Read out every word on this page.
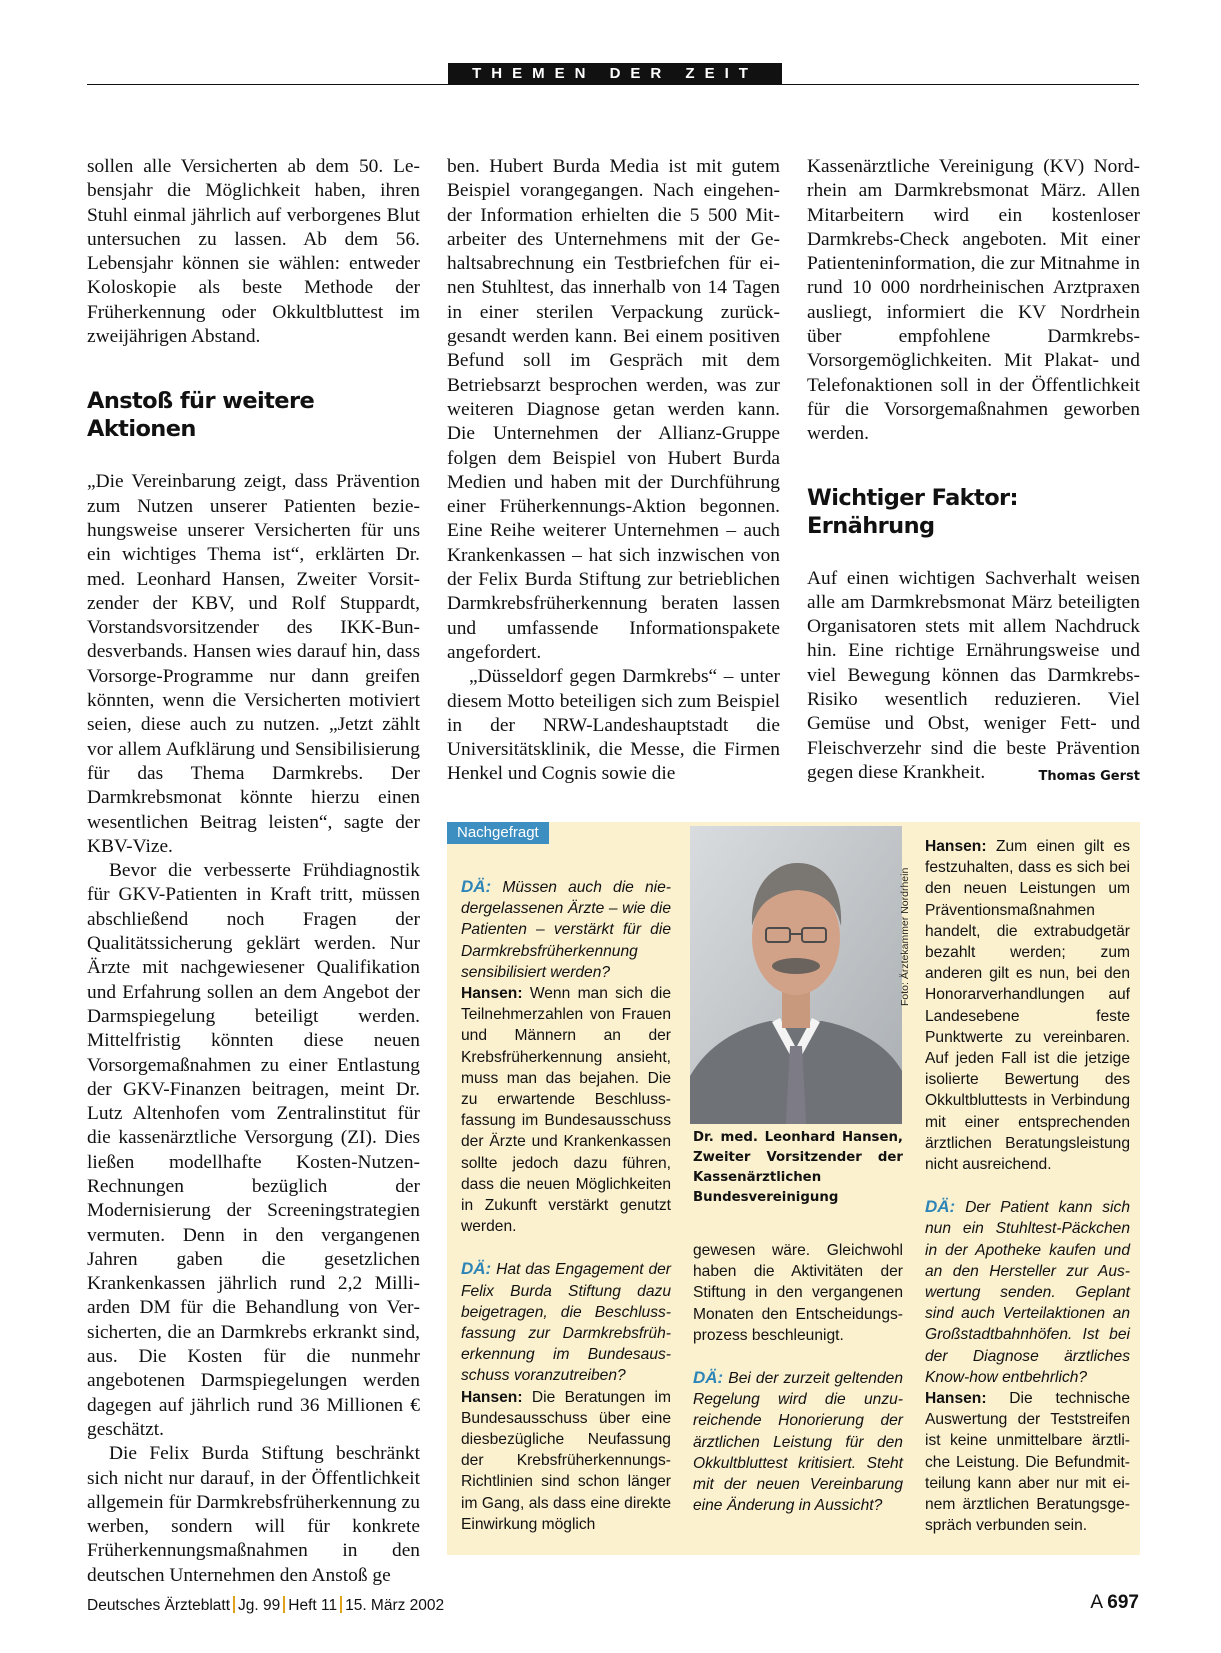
THEMEN DER ZEIT

sollen alle Versicherten ab dem 50. Lebensjahr die Möglichkeit haben, ihren Stuhl einmal jährlich auf verborgenes Blut untersuchen zu lassen. Ab dem 56. Lebensjahr können sie wählen: entweder Koloskopie als beste Methode der Früherkennung oder Okkultbluttest im zweijährigen Abstand.

Anstoß für weitere Aktionen

„Die Vereinbarung zeigt, dass Prävention zum Nutzen unserer Patienten beziehungsweise unserer Versicherten für uns ein wichtiges Thema ist“, erklärten Dr. med. Leonhard Hansen, Zweiter Vorsitzender der KBV, und Rolf Stuppardt, Vorstandsvorsitzender des IKK-Bundesverbands. Hansen wies darauf hin, dass Vorsorge-Programme nur dann greifen könnten, wenn die Versicherten motiviert seien, diese auch zu nutzen. „Jetzt zählt vor allem Aufklärung und Sensibilisierung für das Thema Darmkrebs. Der Darmkrebsmonat könnte hierzu einen wesentlichen Beitrag leisten“, sagte der KBV-Vize.

Bevor die verbesserte Frühdiagnostik für GKV-Patienten in Kraft tritt, müssen abschließend noch Fragen der Qualitätssicherung geklärt werden. Nur Ärzte mit nachgewiesener Qualifikation und Erfahrung sollen an dem Angebot der Darmspiegelung beteiligt werden. Mittelfristig könnten diese neuen Vorsorgemaßnahmen zu einer Entlastung der GKV-Finanzen beitragen, meint Dr. Lutz Altenhofen vom Zentralinstitut für die kassenärztliche Versorgung (ZI). Dies ließen modellhafte Kosten-Nutzen-Rechnungen bezüglich der Modernisierung der Screeningstrategien vermuten. Denn in den vergangenen Jahren gaben die gesetzlichen Krankenkassen jährlich rund 2,2 Milliarden DM für die Behandlung von Versicherten, die an Darmkrebs erkrankt sind, aus. Die Kosten für die nunmehr angebotenen Darmspiegelungen werden dagegen auf jährlich rund 36 Millionen € geschätzt.

Die Felix Burda Stiftung beschränkt sich nicht nur darauf, in der Öffentlichkeit allgemein für Darmkrebsfrüherkennung zu werben, sondern will für konkrete Früherkennungsmaßnahmen in den deutschen Unternehmen den Anstoß ge

ben. Hubert Burda Media ist mit gutem Beispiel vorangegangen. Nach eingehender Information erhielten die 5 500 Mitarbeiter des Unternehmens mit der Gehaltsabrechnung ein Testbriefchen für einen Stuhltest, das innerhalb von 14 Tagen in einer sterilen Verpackung zurückgesandt werden kann. Bei einem positiven Befund soll im Gespräch mit dem Betriebsarzt besprochen werden, was zur weiteren Diagnose getan werden kann. Die Unternehmen der Allianz-Gruppe folgen dem Beispiel von Hubert Burda Medien und haben mit der Durchführung einer Früherkennungs-Aktion begonnen. Eine Reihe weiterer Unternehmen – auch Krankenkassen – hat sich inzwischen von der Felix Burda Stiftung zur betrieblichen Darmkrebsfrüherkennung beraten lassen und umfassende Informationspakete angefordert.

„Düsseldorf gegen Darmkrebs“ – unter diesem Motto beteiligen sich zum Beispiel in der NRW-Landeshauptstadt die Universitätsklinik, die Messe, die Firmen Henkel und Cognis sowie die

Kassenärztliche Vereinigung (KV) Nordrhein am Darmkrebsmonat März. Allen Mitarbeitern wird ein kostenloser Darmkrebs-Check angeboten. Mit einer Patienteninformation, die zur Mitnahme in rund 10 000 nordrheinischen Arztpraxen ausliegt, informiert die KV Nordrhein über empfohlene Darmkrebs-Vorsorgemöglichkeiten. Mit Plakat- und Telefonaktionen soll in der Öffentlichkeit für die Vorsorgemaßnahmen geworben werden.

Wichtiger Faktor: Ernährung

Auf einen wichtigen Sachverhalt weisen alle am Darmkrebsmonat März beteiligten Organisatoren stets mit allem Nachdruck hin. Eine richtige Ernährungsweise und viel Bewegung können das Darmkrebs-Risiko wesentlich reduzieren. Viel Gemüse und Obst, weniger Fett- und Fleischverzehr sind die beste Prävention gegen diese Krankheit.	Thomas Gerst

Nachgefragt

DÄ: Müssen auch die niedergelassenen Ärzte – wie die Patienten – verstärkt für die Darmkrebsfrüherkennung sensibilisiert werden?

Hansen: Wenn man sich die Teilnehmerzahlen von Frauen und Männern an der Krebsfrüherkennung ansieht, muss man das bejahen. Die zu erwartende Beschlussfassung im Bundesausschuss der Ärzte und Krankenkassen sollte jedoch dazu führen, dass die neuen Möglichkeiten in Zukunft verstärkt genutzt werden.

DÄ: Hat das Engagement der Felix Burda Stiftung dazu beigetragen, die Beschlussfassung zur Darmkrebsfrüherkennung im Bundesausschuss voranzutreiben?

Hansen: Die Beratungen im Bundesausschuss über eine diesbezügliche Neufassung der Krebsfrüherkennungs-Richtlinien sind schon länger im Gang, als dass eine direkte Einwirkung möglich

Foto: Ärztekammer Nordrhein
Dr. med. Leonhard Hansen, Zweiter Vorsitzender der Kassenärztlichen Bundesvereinigung

gewesen wäre. Gleichwohl haben die Aktivitäten der Stiftung in den vergangenen Monaten den Entscheidungsprozess beschleunigt.

DÄ: Bei der zurzeit geltenden Regelung wird die unzureichende Honorierung der ärztlichen Leistung für den Okkultbluttest kritisiert. Steht mit der neuen Vereinbarung eine Änderung in Aussicht?

Hansen: Zum einen gilt es festzuhalten, dass es sich bei den neuen Leistungen um Präventionsmaßnahmen handelt, die extrabudgetär bezahlt werden; zum anderen gilt es nun, bei den Honorarverhandlungen auf Landesebene feste Punktwerte zu vereinbaren. Auf jeden Fall ist die jetzige isolierte Bewertung des Okkultbluttests in Verbindung mit einer entsprechenden ärztlichen Beratungsleistung nicht ausreichend.

DÄ: Der Patient kann sich nun ein Stuhltest-Päckchen in der Apotheke kaufen und an den Hersteller zur Auswertung senden. Geplant sind auch Verteilaktionen an Großstadtbahnhöfen. Ist bei der Diagnose ärztliches Know-how entbehrlich?

Hansen: Die technische Auswertung der Teststreifen ist keine unmittelbare ärztliche Leistung. Die Befundmitteilung kann aber nur mit einem ärztlichen Beratungsgespräch verbunden sein.

Deutsches Ärzteblatt Jg. 99 Heft 11 15. März 2002	A 697
